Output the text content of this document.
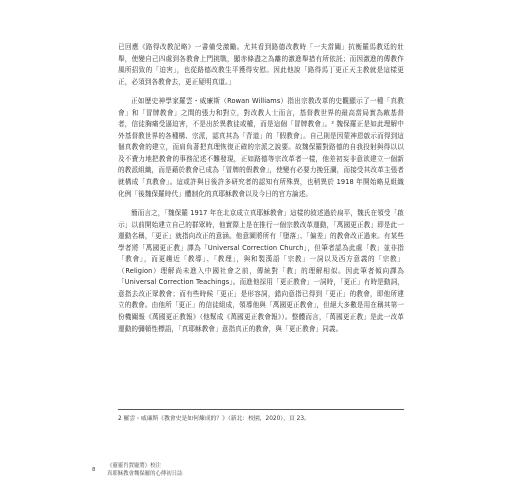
已回應《路得改教記略》一書備受激勵。尤其看到路德改教時「一夫當關」抗衡羅馬教廷的壯舉，使變自己四處到各教會上門挑戰，顯赤條盡之為離的激進舉措有所依託；而因激進的傳教作風所招致的「迫害」，也從路德改教生平獲得安慰。因此他說「路得馬丁更正天主教就是這樣更正，必須到各教會去，更正疑明真道。」

正如歷史神學家羅雲・威廉斯（Rowan Williams）指出宗教改革的史觀顯示了一種「真教會」和「冒牌教會」之間的張力和對立，對改教人士而言，基督教世界的最高當局實為敵基督者，信徒胸痛受逼迫害，不是出於異教徒或權，而是這個「冒牌教會」。² 魏保羅正是如此理解中外基督教世界的各種構、宗派，認真其為「背道」的「假教會」。自己則是因蒙神恩啟示而得到這個真教會的建立，而肩負著把真理恢復正確的宗派之說要。故魏保羅對路德的自我投射與得以以及不費力地把教會的事務記述不難發現，正如路德等宗改革者一樣，他差初妄非意欲建立一個新的教派組織，而是藉於教會已成為「冒牌的假教會」，使變有必要力挽狂瀾，而接受其改革主張者就構成「真教會」。這或許與日後許多研究者的認知有所殊異，也稍異於 1918 年開始略見組織化例「後魏保羅時代」體制化的真耶穌教會以及今日的官方論述。

簡而言之，「魏保羅 1917 年在北京成立真耶穌教會」這樣的敘述過於扁平，魏氏在領受「啟示」以前開始建立自己的群眾時，他實際上是在推行一個宗教改革運動，「萬國更正教」即是此一運動名稱，「更正」就指向改正的意涵。他意圖將所有「墮落」、「偏差」的教會改正過來。有某些學者將「萬國更正教」譯為「Universal Correction Church」，但筆者認為此處「教」並非指「教會」，而更趨近「教導」、「教理」，與和製漢語「宗教」一詞以及西方意義的「宗教」（Religion）理解尚未進入中國社會之前，傳統對「教」的理解相似。因此筆者傾向譯為「Universal Correction Teachings」。而進他採用「更正教會」一詞時，「更正」有時是動詞，意指去改正眾教會；而有些時候「更正」是形容詞，錯向意指已得到「更正」的教會，即他所建立的教會。由他所「更正」的信徒組成，領導他與「萬國更正教會」，但絕大多數是用在稱其第一份機關報《萬國更正教報》（他幫成《萬國更正教會報》）。整體而言，「萬國更正教」是此一改革運動的彌頓性標語，「真耶穌教會」意指真正的教會，與「更正教會」同義。

2 羅雲・威廉斯《教會史是如何煉成的？》（新北：校園，2020），頁 23。
8
《靈靈肖賈龐將》校注
真耶穌教會魏保羅的心傳初日誌
